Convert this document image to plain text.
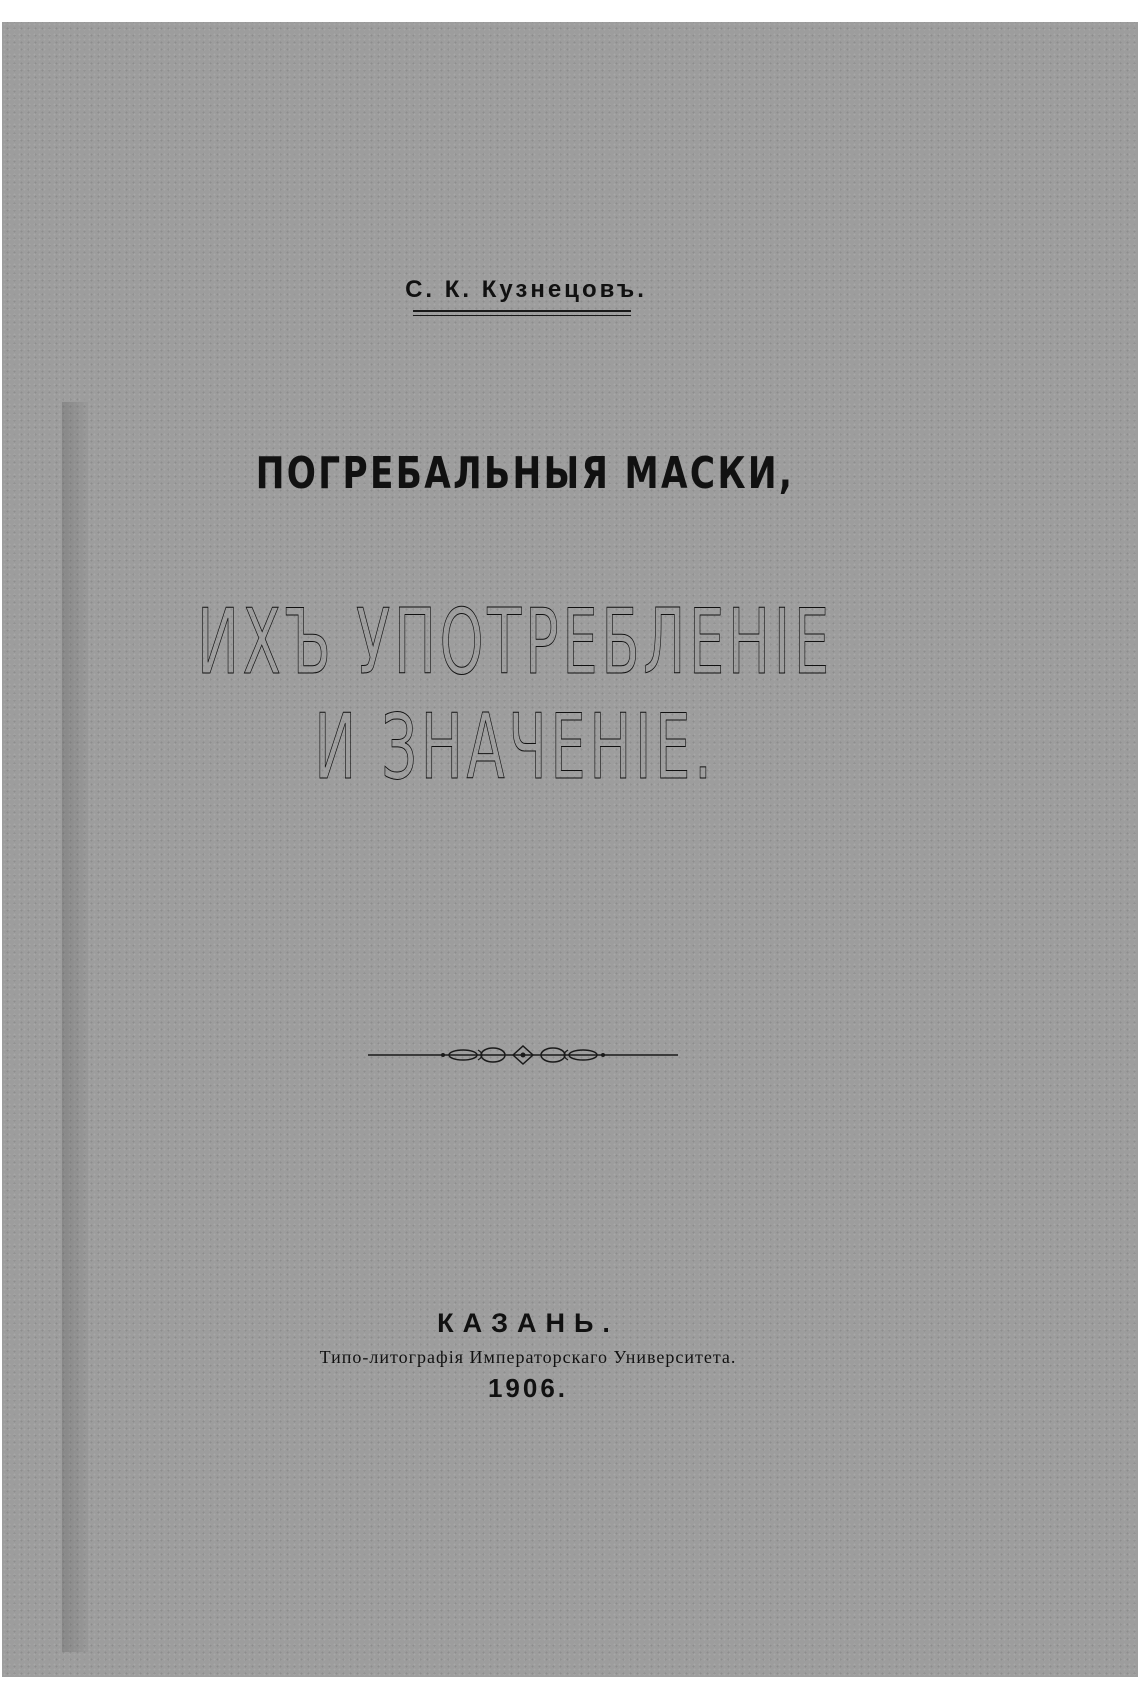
С. К. Кузнецовъ.
ПОГРЕБАЛЬНЫЯ МАСКИ,
ИХЪ УПОТРЕБЛЕНІЕ И ЗНАЧЕНІЕ.
КАЗАНЬ.
Типо-литографія Императорскаго Университета.
1906.
